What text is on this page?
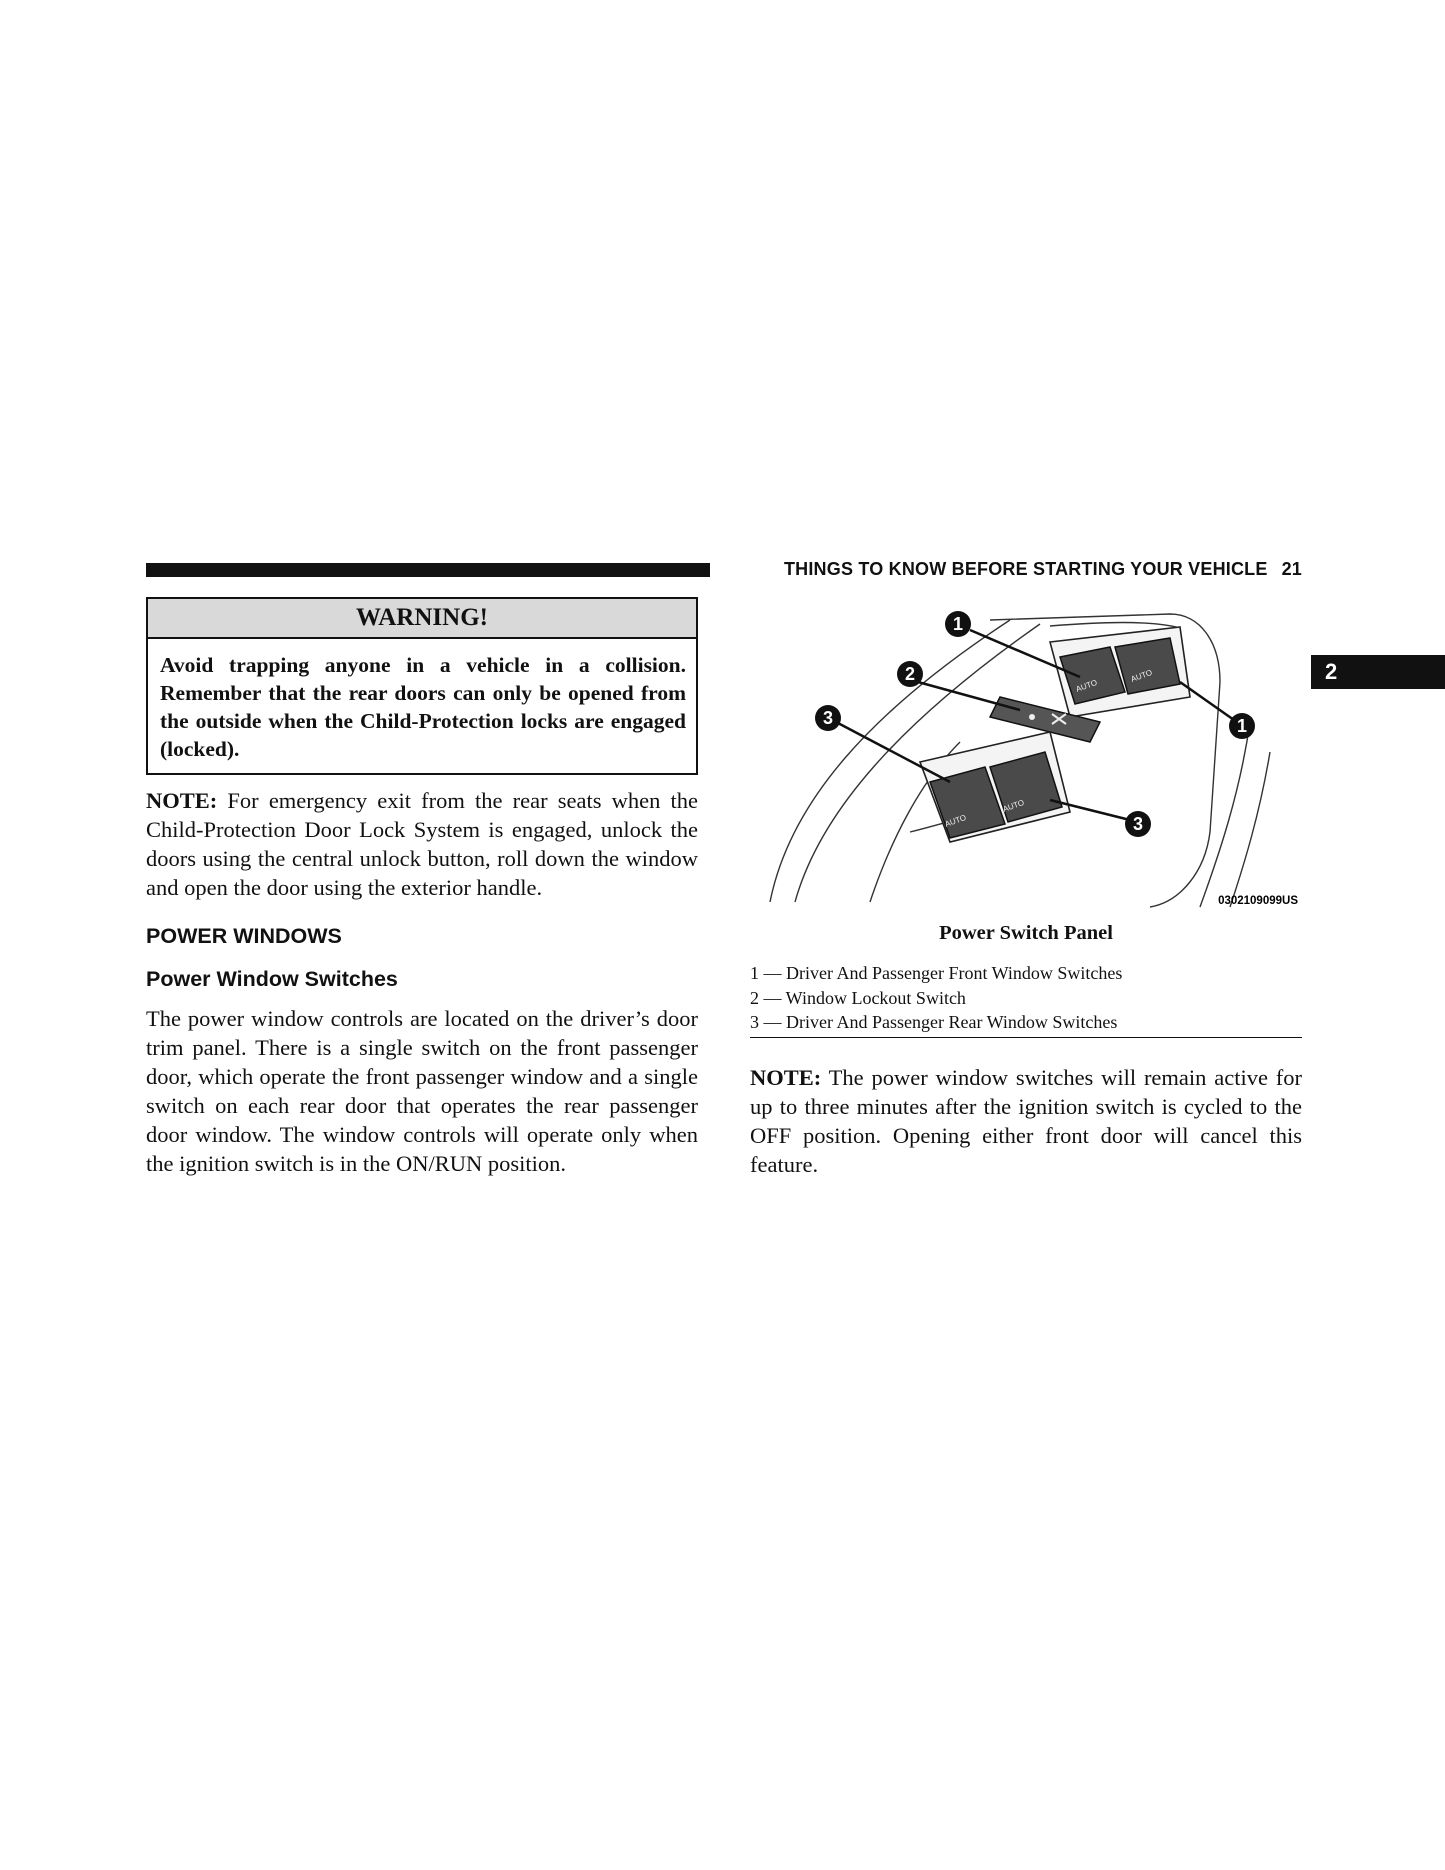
THINGS TO KNOW BEFORE STARTING YOUR VEHICLE 21
2
WARNING!
Avoid trapping anyone in a vehicle in a collision. Remember that the rear doors can only be opened from the outside when the Child-Protection locks are engaged (locked).
NOTE: For emergency exit from the rear seats when the Child-Protection Door Lock System is engaged, unlock the doors using the central unlock button, roll down the window and open the door using the exterior handle.
POWER WINDOWS
Power Window Switches
The power window controls are located on the driver’s door trim panel. There is a single switch on the front passenger door, which operate the front passenger window and a single switch on each rear door that operates the rear passenger door window. The window controls will operate only when the ignition switch is in the ON/RUN position.
AUTO
AUTO
AUTO
AUTO
1
1
2
3
3
0302109099US
Power Switch Panel
1 — Driver And Passenger Front Window Switches
2 — Window Lockout Switch
3 — Driver And Passenger Rear Window Switches
NOTE: The power window switches will remain active for up to three minutes after the ignition switch is cycled to the OFF position. Opening either front door will cancel this feature.
